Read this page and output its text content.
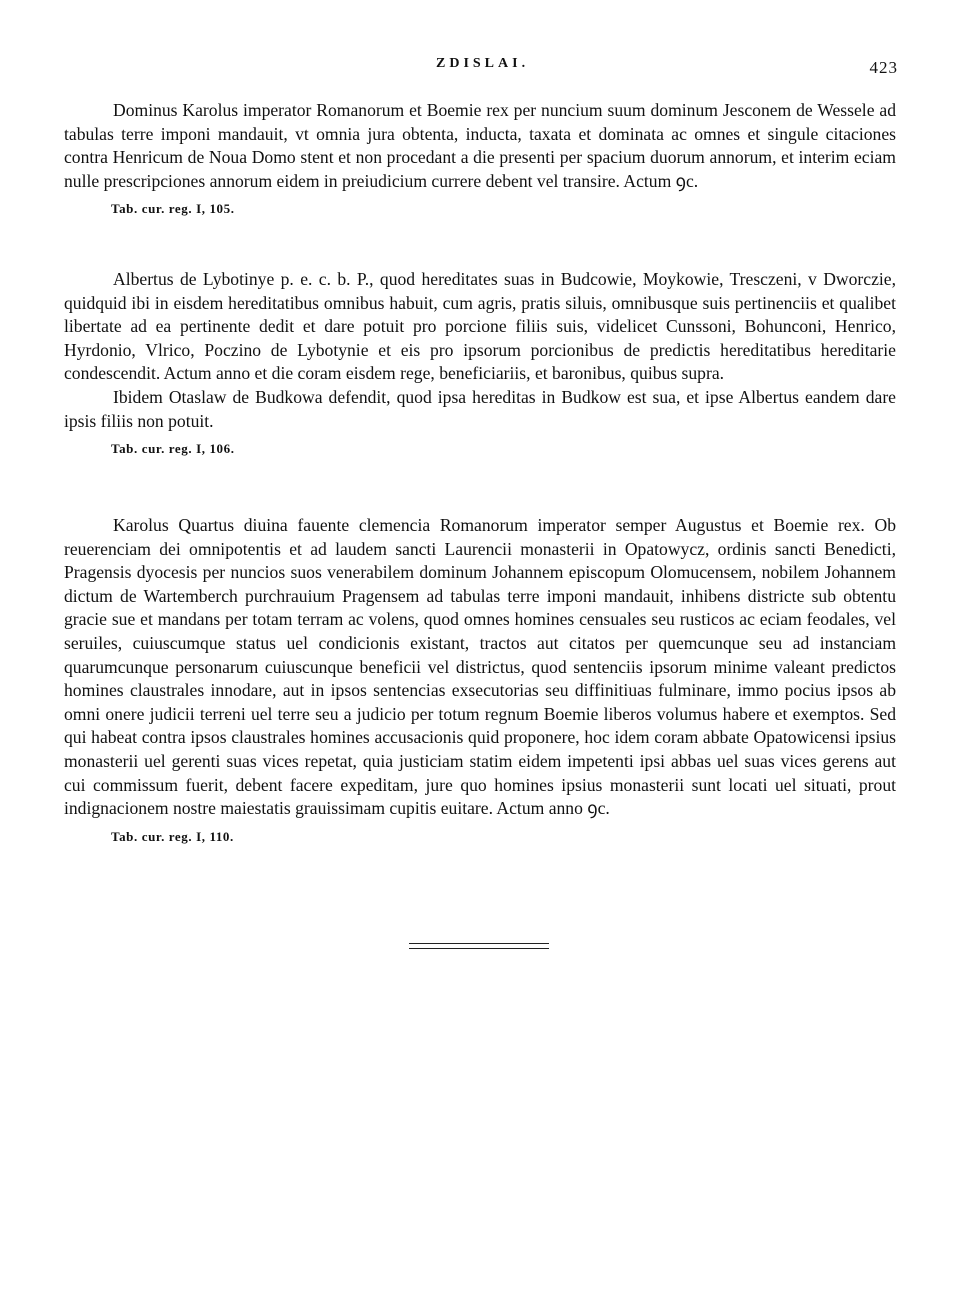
ZDISLAI.	423

Dominus Karolus imperator Romanorum et Boemie rex per nuncium suum dominum Jesconem de Wessele ad tabulas terre imponi mandauit, vt omnia jura obtenta, inducta, taxata et dominata ac omnes et singule citaciones contra Henricum de Noua Domo stent et non procedant a die presenti per spacium duorum annorum, et interim eciam nulle prescripciones annorum eidem in preiudicium currere debent vel transire. Actum ꝯc.

Tab. cur. reg. I, 105.

Albertus de Lybotinye p. e. c. b. P., quod hereditates suas in Budcowie, Moykowie, Tresczeni, v Dworczie, quidquid ibi in eisdem hereditatibus omnibus habuit, cum agris, pratis siluis, omnibusque suis pertinenciis et qualibet libertate ad ea pertinente dedit et dare potuit pro porcione filiis suis, videlicet Cunssoni, Bohunconi, Henrico, Hyrdonio, Vlrico, Poczino de Lybotynie et eis pro ipsorum porcionibus de predictis hereditatibus hereditarie condescendit. Actum anno et die coram eisdem rege, beneficiariis, et baronibus, quibus supra.

Ibidem Otaslaw de Budkowa defendit, quod ipsa hereditas in Budkow est sua, et ipse Albertus eandem dare ipsis filiis non potuit.

Tab. cur. reg. I, 106.

Karolus Quartus diuina fauente clemencia Romanorum imperator semper Augustus et Boemie rex. Ob reuerenciam dei omnipotentis et ad laudem sancti Laurencii monasterii in Opatowycz, ordinis sancti Benedicti, Pragensis dyocesis per nuncios suos venerabilem dominum Johannem episcopum Olomucensem, nobilem Johannem dictum de Wartemberch purchrauium Pragensem ad tabulas terre imponi mandauit, inhibens districte sub obtentu gracie sue et mandans per totam terram ac volens, quod omnes homines censuales seu rusticos ac eciam feodales, vel seruiles, cuiuscumque status uel condicionis existant, tractos aut citatos per quemcunque seu ad instanciam quarumcunque personarum cuiuscunque beneficii vel districtus, quod sentenciis ipsorum minime valeant predictos homines claustrales innodare, aut in ipsos sentencias exsecutorias seu diffinitiuas fulminare, immo pocius ipsos ab omni onere judicii terreni uel terre seu a judicio per totum regnum Boemie liberos volumus habere et exemptos. Sed qui habeat contra ipsos claustrales homines accusacionis quid proponere, hoc idem coram abbate Opatowicensi ipsius monasterii uel gerenti suas vices repetat, quia justiciam statim eidem impetenti ipsi abbas uel suas vices gerens aut cui commissum fuerit, debent facere expeditam, jure quo homines ipsius monasterii sunt locati uel situati, prout indignacionem nostre maiestatis grauissimam cupitis euitare. Actum anno ꝯc.

Tab. cur. reg. I, 110.
